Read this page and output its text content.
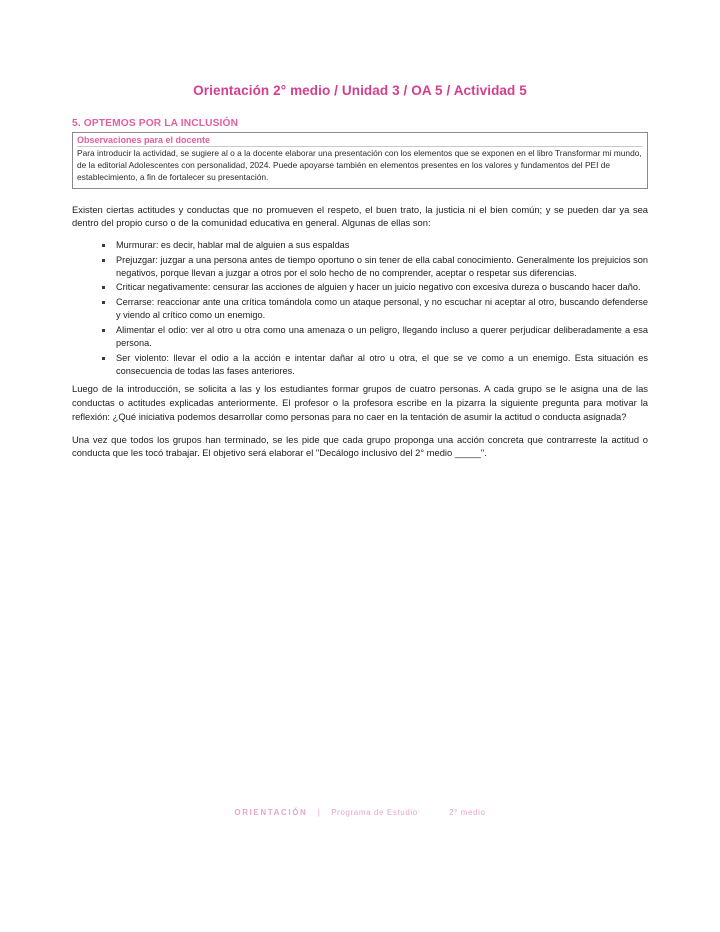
Orientación 2° medio / Unidad 3 / OA 5 / Actividad 5
5. OPTEMOS POR LA INCLUSIÓN
Observaciones para el docente

Para introducir la actividad, se sugiere al o a la docente elaborar una presentación con los elementos que se exponen en el libro Transformar mi mundo, de la editorial Adolescentes con personalidad, 2024. Puede apoyarse también en elementos presentes en los valores y fundamentos del PEI de establecimiento, a fin de fortalecer su presentación.

Existen ciertas actitudes y conductas que no promueven el respeto, el buen trato, la justicia ni el bien común; y se pueden dar ya sea dentro del propio curso o de la comunidad educativa en general. Algunas de ellas son:

Murmurar: es decir, hablar mal de alguien a sus espaldas
Prejuzgar: juzgar a una persona antes de tiempo oportuno o sin tener de ella cabal conocimiento. Generalmente los prejuicios son negativos, porque llevan a juzgar a otros por el solo hecho de no comprender, aceptar o respetar sus diferencias.
Criticar negativamente: censurar las acciones de alguien y hacer un juicio negativo con excesiva dureza o buscando hacer daño.
Cerrarse: reaccionar ante una crítica tomándola como un ataque personal, y no escuchar ni aceptar al otro, buscando defenderse y viendo al crítico como un enemigo.
Alimentar el odio: ver al otro u otra como una amenaza o un peligro, llegando incluso a querer perjudicar deliberadamente a esa persona.
Ser violento: llevar el odio a la acción e intentar dañar al otro u otra, el que se ve como a un enemigo. Esta situación es consecuencia de todas las fases anteriores.

Luego de la introducción, se solicita a las y los estudiantes formar grupos de cuatro personas. A cada grupo se le asigna una de las conductas o actitudes explicadas anteriormente. El profesor o la profesora escribe en la pizarra la siguiente pregunta para motivar la reflexión: ¿Qué iniciativa podemos desarrollar como personas para no caer en la tentación de asumir la actitud o conducta asignada?

Una vez que todos los grupos han terminado, se les pide que cada grupo proponga una acción concreta que contrarreste la actitud o conducta que les tocó trabajar. El objetivo será elaborar el "Decálogo inclusivo del 2° medio _____".

ORIENTACIÓN | Programa de Estudio	2° medio
